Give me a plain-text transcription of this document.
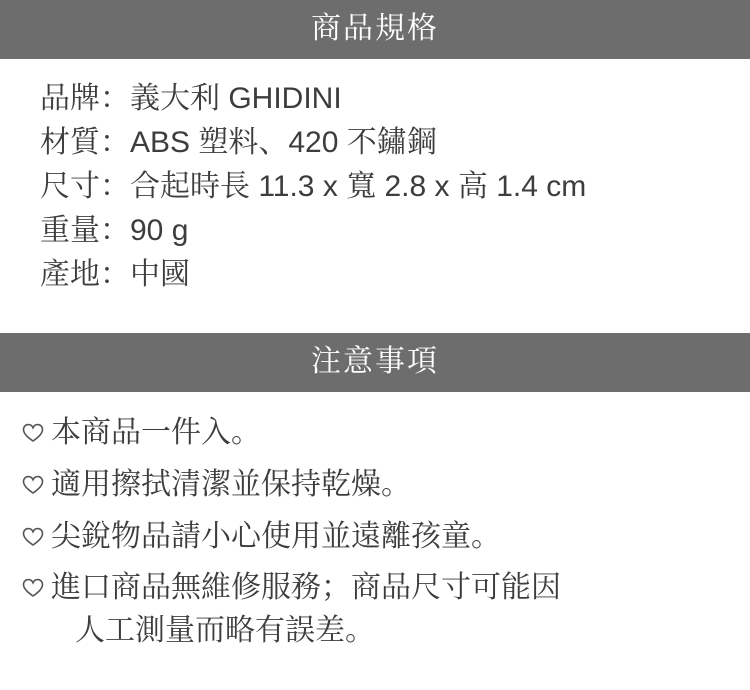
商品規格
品牌：義大利 GHIDINI
材質：ABS 塑料、420 不鏽鋼
尺寸：合起時長 11.3 x 寬 2.8 x 高 1.4 cm
重量：90 g
產地：中國
注意事項
本商品一件入。
適用擦拭清潔並保持乾燥。
尖銳物品請小心使用並遠離孩童。
進口商品無維修服務；商品尺寸可能因
人工測量而略有誤差。
